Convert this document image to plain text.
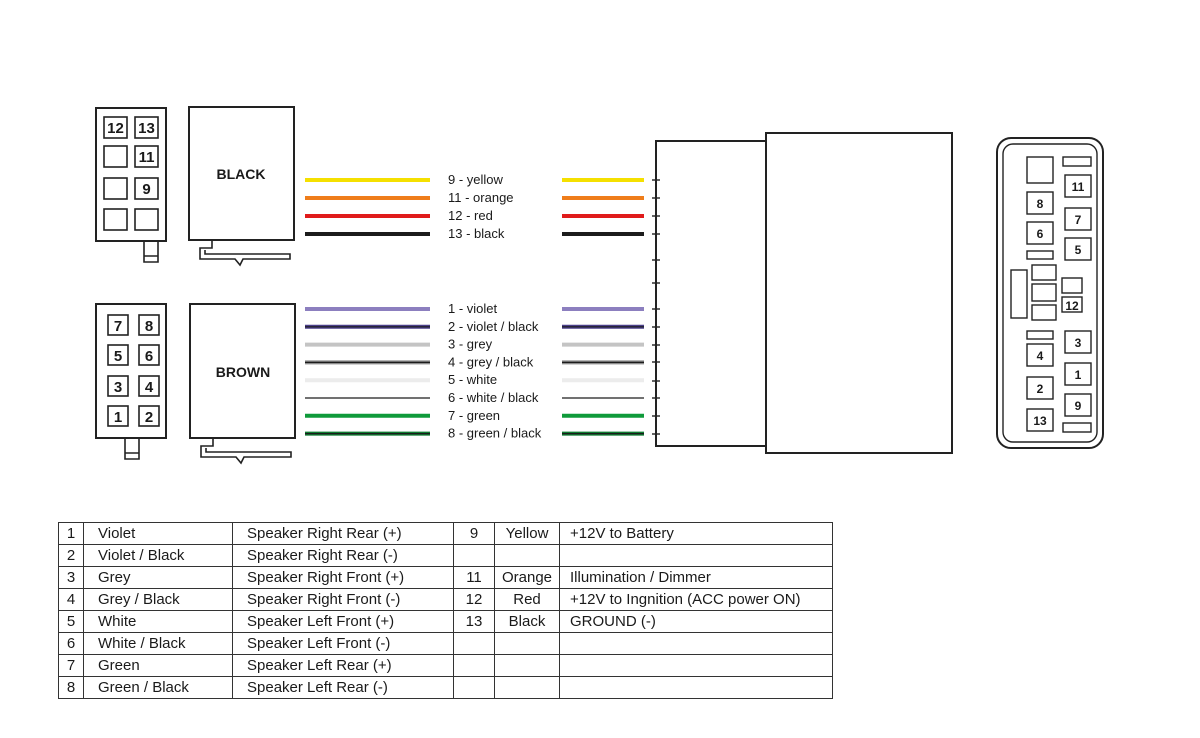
12 13
11
9
BLACK
7 8
5 6
3 4
1 2
BROWN
9 - yellow
11 - orange
12 - red
13 - black
1 - violet
2 - violet / black
3 - grey
4 - grey / black
5 - white
6 - white / black
7 - green
8 - green / black
11
8
7
6
5
12
3
4
1
2
9
13
1	Violet	Speaker Right Rear (+)	9	Yellow	+12V to Battery
2	Violet / Black	Speaker Right Rear (-)			
3	Grey	Speaker Right Front (+)	11	Orange	Illumination / Dimmer
4	Grey / Black	Speaker Right Front (-)	12	Red	+12V to Ingnition (ACC power ON)
5	White	Speaker Left Front (+)	13	Black	GROUND (-)
6	White / Black	Speaker Left Front (-)			
7	Green	Speaker Left Rear (+)			
8	Green / Black	Speaker Left Rear (-)			
